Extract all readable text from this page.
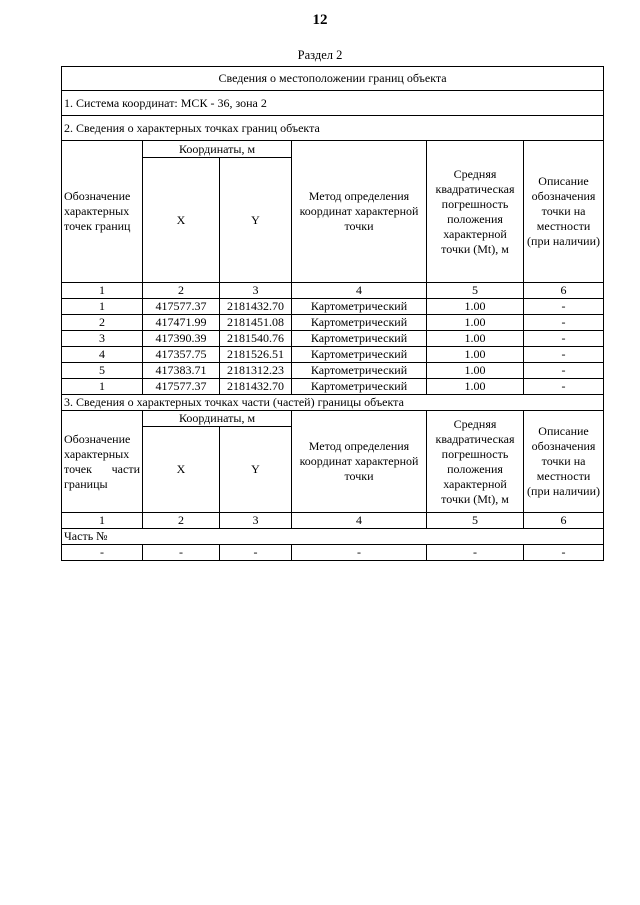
12
Раздел 2
Сведения о местоположении границ объекта					
1. Система координат: МСК - 36, зона 2					
2. Сведения о характерных точках границ объекта					
Обозначение характерных точек границ	Координаты, м		Метод определения координат характерной точки	Средняя квадратическая погрешность положения характерной точки (Mt), м	Описание обозначения точки на местности (при наличии)
	X	Y			
1	2	3	4	5	6
1	417577.37	2181432.70	Картометрический	1.00	-
2	417471.99	2181451.08	Картометрический	1.00	-
3	417390.39	2181540.76	Картометрический	1.00	-
4	417357.75	2181526.51	Картометрический	1.00	-
5	417383.71	2181312.23	Картометрический	1.00	-
1	417577.37	2181432.70	Картометрический	1.00	-
3. Сведения о характерных точках части (частей) границы объекта					
Обозначение характерных точек части границы	Координаты, м		Метод определения координат характерной точки	Средняя квадратическая погрешность положения характерной точки (Mt), м	Описание обозначения точки на местности (при наличии)
	X	Y			
1	2	3	4	5	6
Часть №					
-	-	-	-	-	-
